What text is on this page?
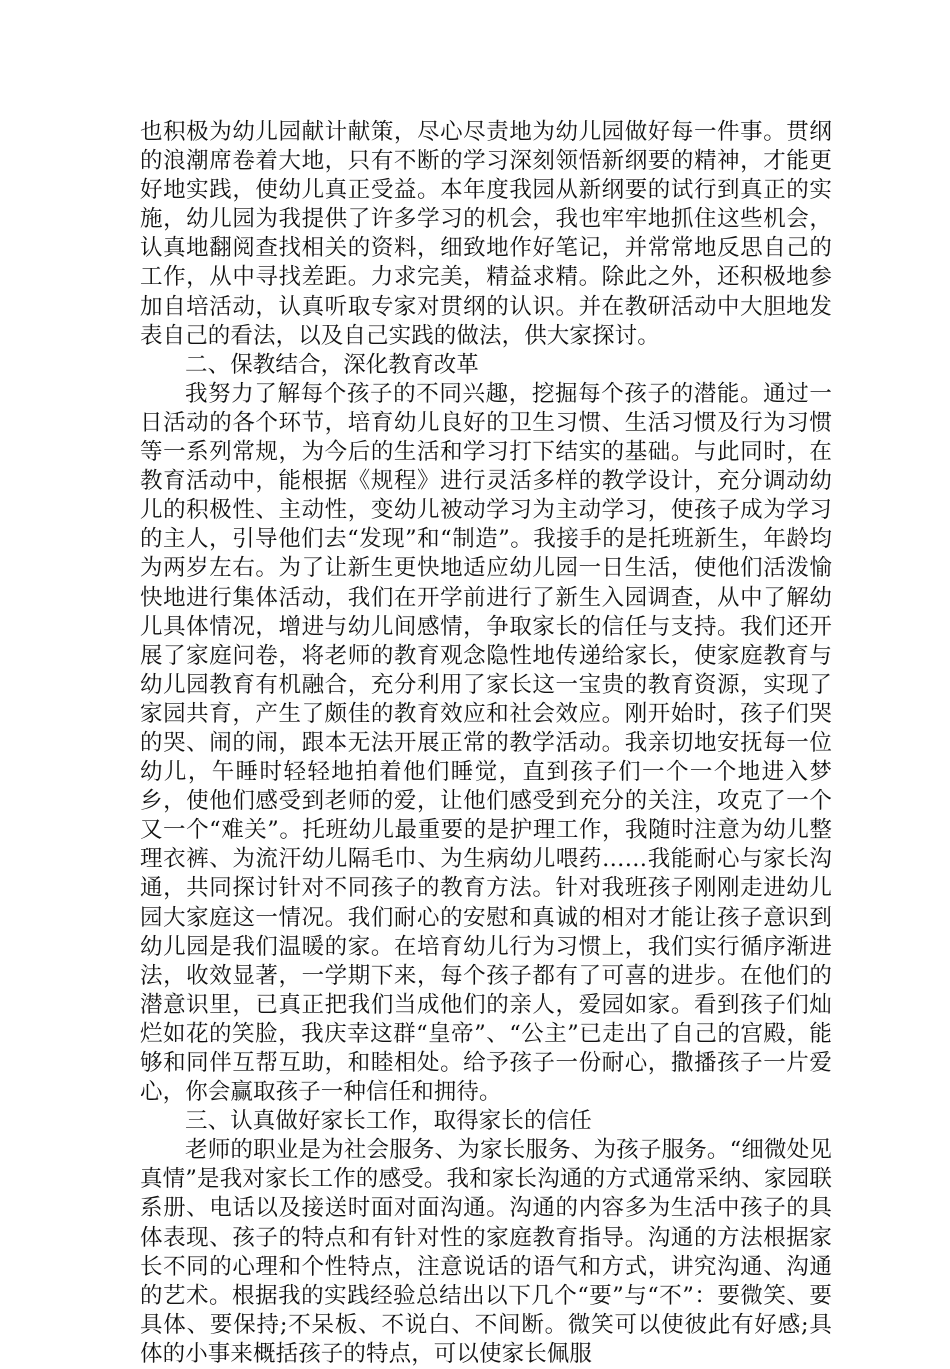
也积极为幼儿园献计献策，尽心尽责地为幼儿园做好每一件事。贯纲的浪潮席卷着大地，只有不断的学习深刻领悟新纲要的精神，才能更好地实践，使幼儿真正受益。本年度我园从新纲要的试行到真正的实施，幼儿园为我提供了许多学习的机会，我也牢牢地抓住这些机会，认真地翻阅查找相关的资料，细致地作好笔记，并常常地反思自己的工作，从中寻找差距。力求完美，精益求精。除此之外，还积极地参加自培活动，认真听取专家对贯纲的认识。并在教研活动中大胆地发表自己的看法，以及自己实践的做法，供大家探讨。

二、保教结合，深化教育改革

我努力了解每个孩子的不同兴趣，挖掘每个孩子的潜能。通过一日活动的各个环节，培育幼儿良好的卫生习惯、生活习惯及行为习惯等一系列常规，为今后的生活和学习打下结实的基础。与此同时，在教育活动中，能根据《规程》进行灵活多样的教学设计，充分调动幼儿的积极性、主动性，变幼儿被动学习为主动学习，使孩子成为学习的主人，引导他们去“发现”和“制造”。我接手的是托班新生，年龄均为两岁左右。为了让新生更快地适应幼儿园一日生活，使他们活泼愉快地进行集体活动，我们在开学前进行了新生入园调查，从中了解幼儿具体情况，增进与幼儿间感情，争取家长的信任与支持。我们还开展了家庭问卷，将老师的教育观念隐性地传递给家长，使家庭教育与幼儿园教育有机融合，充分利用了家长这一宝贵的教育资源，实现了家园共育，产生了颇佳的教育效应和社会效应。刚开始时，孩子们哭的哭、闹的闹，跟本无法开展正常的教学活动。我亲切地安抚每一位幼儿，午睡时轻轻地拍着他们睡觉，直到孩子们一个一个地进入梦乡，使他们感受到老师的爱，让他们感受到充分的关注，攻克了一个又一个“难关”。托班幼儿最重要的是护理工作，我随时注意为幼儿整理衣裤、为流汗幼儿隔毛巾、为生病幼儿喂药……我能耐心与家长沟通，共同探讨针对不同孩子的教育方法。针对我班孩子刚刚走进幼儿园大家庭这一情况。我们耐心的安慰和真诚的相对才能让孩子意识到幼儿园是我们温暖的家。在培育幼儿行为习惯上，我们实行循序渐进法，收效显著，一学期下来，每个孩子都有了可喜的进步。在他们的潜意识里，已真正把我们当成他们的亲人，爱园如家。看到孩子们灿烂如花的笑脸，我庆幸这群“皇帝”、“公主”已走出了自己的宫殿，能够和同伴互帮互助，和睦相处。给予孩子一份耐心，撒播孩子一片爱心，你会赢取孩子一种信任和拥待。

三、认真做好家长工作，取得家长的信任

老师的职业是为社会服务、为家长服务、为孩子服务。“细微处见真情”是我对家长工作的感受。我和家长沟通的方式通常采纳、家园联系册、电话以及接送时面对面沟通。沟通的内容多为生活中孩子的具体表现、孩子的特点和有针对性的家庭教育指导。沟通的方法根据家长不同的心理和个性特点，注意说话的语气和方式，讲究沟通、沟通的艺术。根据我的实践经验总结出以下几个“要”与“不”：要微笑、要具体、要保持;不呆板、不说白、不间断。微笑可以使彼此有好感;具体的小事来概括孩子的特点，可以使家长佩服
